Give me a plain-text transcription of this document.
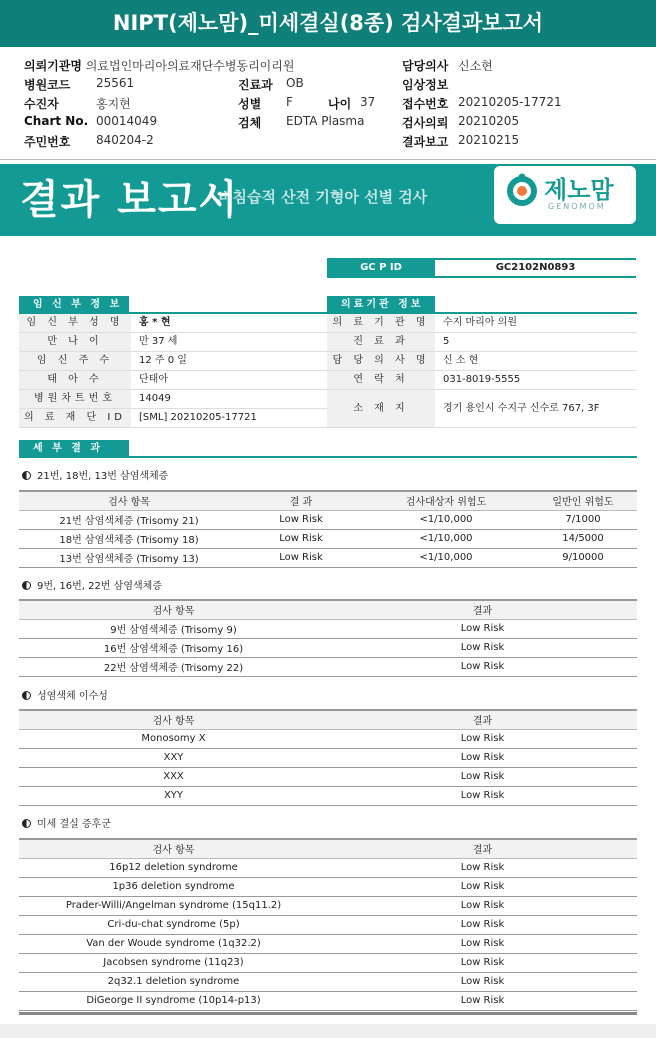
NIPT(제노맘)_미세결실(8종) 검사결과보고서
의뢰기관명 의료법인마리아의료재단수병동리이리원
병원코드 25561
수진자	홍지현
Chart No. 00014049
주민번호 840204-2
진료과 OB
성별 F	나이 37
검체 EDTA Plasma
담당의사 신소현
임상정보
접수번호 20210205-17721
검사의뢰 20210205
결과보고 20210215
결과 보고서
비침습적 산전 기형아 선별 검사	제노맘
GENOMOM
GC P ID	GC2102N0893
임 신 부 정 보	의료기관 정보
임 신 부 성 명	홍 * 현
만 나 이	만 37 세
임 신 주 수	12 주 0 일
태 아 수	단태아
병원차트번호	14049
의 료 재 단 ID	[SML] 20210205-17721
의 료 기 관 명	수지 마리아 의원
진 료 과	5
담 당 의 사 명	신 소 현
연 락 처	031-8019-5555
소 재 지	경기 용인시 수지구 신수로 767, 3F
세 부 결 과
21번, 18번, 13번 삼염색체증
검사 항목	결 과	검사대상자 위험도	일반인 위험도
21번 삼염색체증 (Trisomy 21)	Low Risk	<1/10,000	7/1000
18번 삼염색체증 (Trisomy 18)	Low Risk	<1/10,000	14/5000
13번 삼염색체증 (Trisomy 13)	Low Risk	<1/10,000	9/10000
9번, 16번, 22번 삼염색체증
검사 항목	결과
9번 삼염색체증 (Trisomy 9)	Low Risk
16번 삼염색체증 (Trisomy 16)	Low Risk
22번 삼염색체증 (Trisomy 22)	Low Risk
성염색체 이수성
검사 항목	결과
Monosomy X	Low Risk
XXY	Low Risk
XXX	Low Risk
XYY	Low Risk
미세 결실 증후군
검사 항목	결과
16p12 deletion syndrome	Low Risk
1p36 deletion syndrome	Low Risk
Prader-Willi/Angelman syndrome (15q11.2)	Low Risk
Cri-du-chat syndrome (5p)	Low Risk
Van der Woude syndrome (1q32.2)	Low Risk
Jacobsen syndrome (11q23)	Low Risk
2q32.1 deletion syndrome	Low Risk
DiGeorge II syndrome (10p14-p13)	Low Risk
